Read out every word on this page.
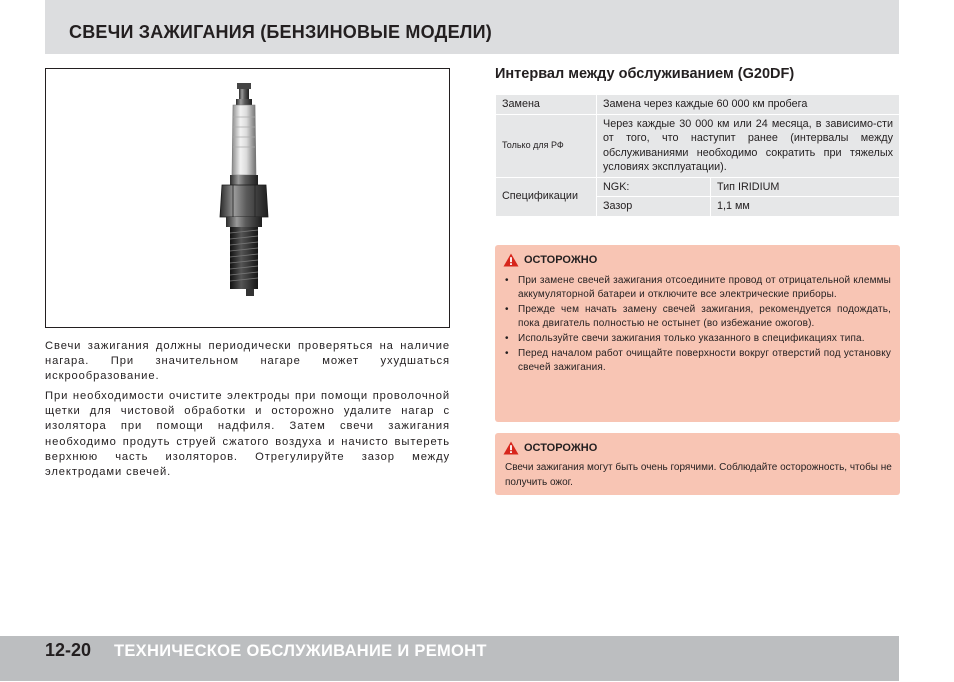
СВЕЧИ ЗАЖИГАНИЯ (БЕНЗИНОВЫЕ МОДЕЛИ)
Свечи зажигания должны периодически проверяться на наличие нагара. При значительном нагаре может ухудшаться искрообразование.
При необходимости очистите электроды при помощи проволочной щетки для чистовой обработки и осторожно удалите нагар с изолятора при помощи надфиля. Затем свечи зажигания необходимо продуть струей сжатого воздуха и начисто вытереть верхнюю часть изоляторов. Отрегулируйте зазор между электродами свечей.
Интервал между обслуживанием (G20DF)
Замена	Замена через каждые 60 000 км пробега	
Только для РФ	Через каждые 30 000 км или 24 месяца, в зависимо-сти от того, что наступит ранее (интервалы между обслуживаниями необходимо сократить при тяжелых условиях эксплуатации).	
Спецификации	NGK:	Тип IRIDIUM
	Зазор	1,1 мм
ОСТОРОЖНО
• При замене свечей зажигания отсоедините провод от отрицательной клеммы аккумуляторной батареи и отключите все электрические приборы.
• Прежде чем начать замену свечей зажигания, рекомендуется подождать, пока двигатель полностью не остынет (во избежание ожогов).
• Используйте свечи зажигания только указанного в спецификациях типа.
• Перед началом работ очищайте поверхности вокруг отверстий под установку свечей зажигания.
ОСТОРОЖНО
Свечи зажигания могут быть очень горячими. Соблюдайте осторожность, чтобы не получить ожог.
12-20 ТЕХНИЧЕСКОЕ ОБСЛУЖИВАНИЕ И РЕМОНТ
